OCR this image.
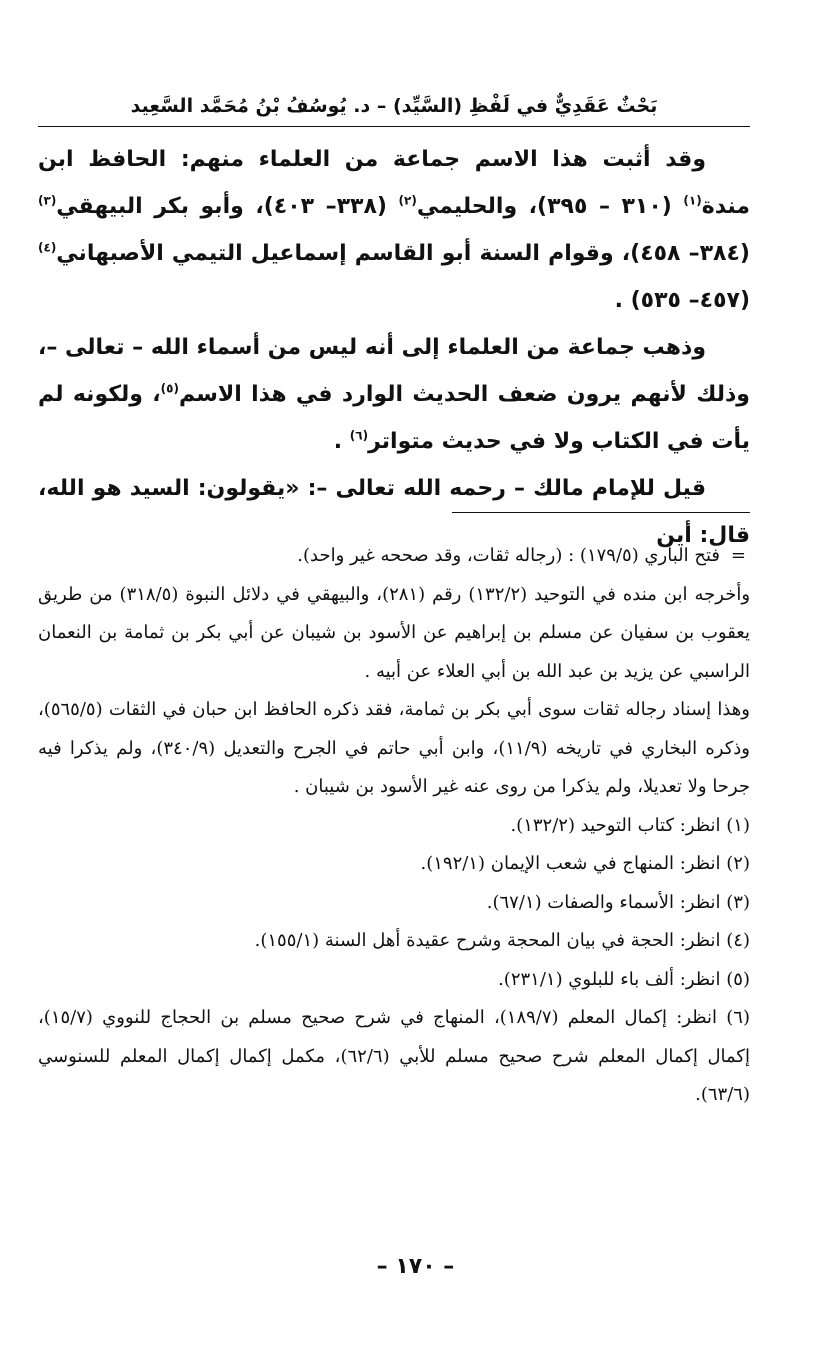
بَحْثٌ عَقَدِيٌّ في لَفْظِ (السَّيِّد) – د. يُوسُفُ بْنُ مُحَمَّد السَّعِيد

وقد أثبت هذا الاسم جماعة من العلماء منهم: الحافظ ابن مندة$^{(١)}$ (٣١٠ – ٣٩٥)، والحليمي$^{(٢)}$ (٣٣٨– ٤٠٣)، وأبو بكر البيهقي$^{(٣)}$ (٣٨٤– ٤٥٨)، وقوام السنة أبو القاسم إسماعيل التيمي الأصبهاني$^{(٤)}$ (٤٥٧– ٥٣٥) .

وذهب جماعة من العلماء إلى أنه ليس من أسماء الله – تعالى –، وذلك لأنهم يرون ضعف الحديث الوارد في هذا الاسم$^{(٥)}$، ولكونه لم يأت في الكتاب ولا في حديث متواتر$^{(٦)}$ .

قيل للإمام مالك – رحمه الله تعالى –: «يقولون: السيد هو الله، قال: أين

=
فتح الباري (١٧٩/٥) : (رجاله ثقات، وقد صححه غير واحد).

وأخرجه ابن منده في التوحيد (١٣٢/٢) رقم (٢٨١)، والبيهقي في دلائل النبوة (٣١٨/٥) من طريق يعقوب بن سفيان عن مسلم بن إبراهيم عن الأسود بن شيبان عن أبي بكر بن ثمامة بن النعمان الراسبي عن يزيد بن عبد الله بن أبي العلاء عن أبيه .

وهذا إسناد رجاله ثقات سوى أبي بكر بن ثمامة، فقد ذكره الحافظ ابن حبان في الثقات (٥٦٥/٥)، وذكره البخاري في تاريخه (١١/٩)، وابن أبي حاتم في الجرح والتعديل (٣٤٠/٩)، ولم يذكرا فيه جرحا ولا تعديلا، ولم يذكرا من روى عنه غير الأسود بن شيبان .

(١) انظر: كتاب التوحيد (١٣٢/٢).

(٢) انظر: المنهاج في شعب الإيمان (١٩٢/١).

(٣) انظر: الأسماء والصفات (٦٧/١).

(٤) انظر: الحجة في بيان المحجة وشرح عقيدة أهل السنة (١٥٥/١).

(٥) انظر: ألف باء للبلوي (٢٣١/١).

(٦) انظر: إكمال المعلم (١٨٩/٧)، المنهاج في شرح صحيح مسلم بن الحجاج للنووي (١٥/٧)، إكمال إكمال المعلم شرح صحيح مسلم للأبي (٦٢/٦)، مكمل إكمال إكمال المعلم للسنوسي (٦٣/٦).

– ١٧٠ –
